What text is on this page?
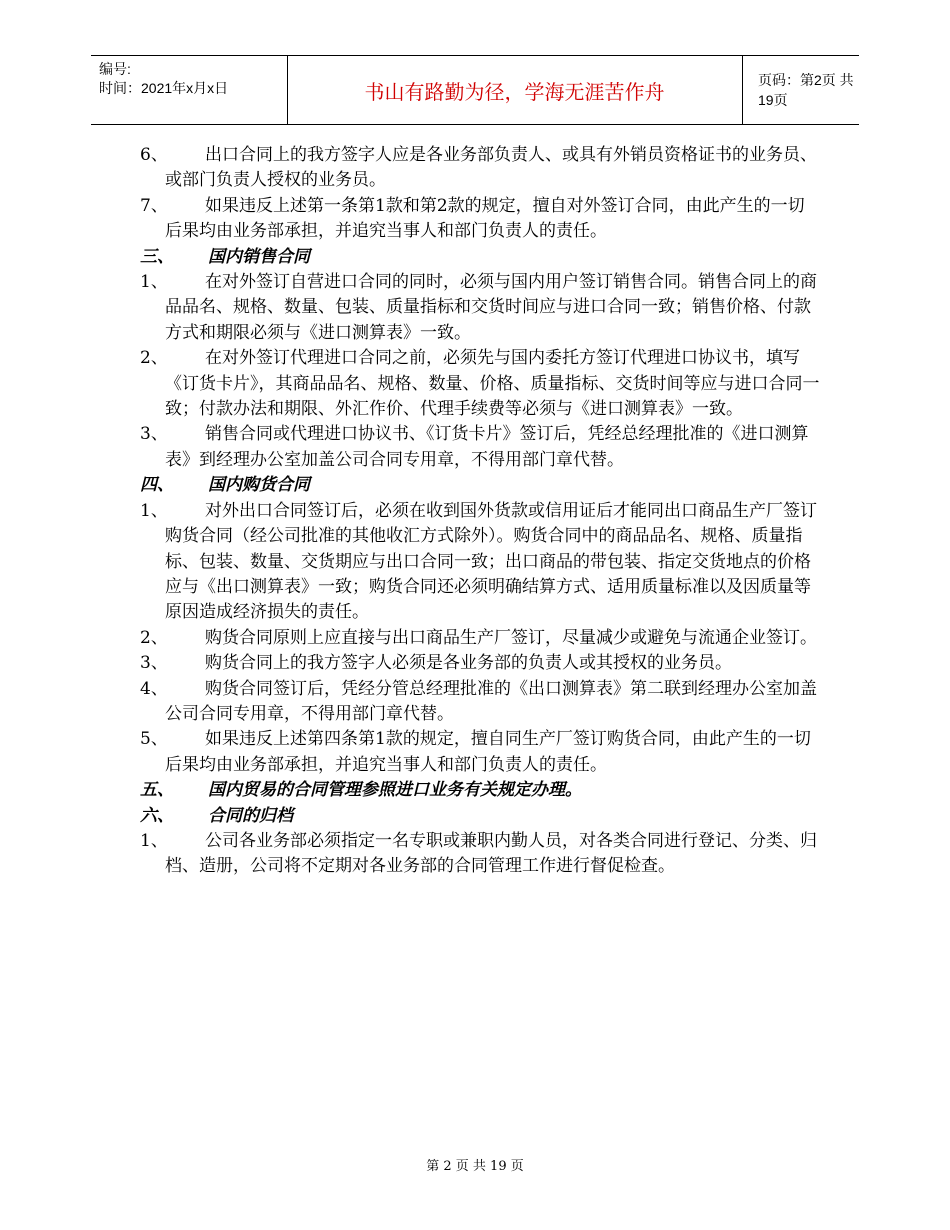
编号:
时间：2021年x月x日	书山有路勤为径，学海无涯苦作舟	页码：第2页 共19页
6、	出口合同上的我方签字人应是各业务部负责人、或具有外销员资格证书的业务员、或部门负责人授权的业务员。
7、	如果违反上述第一条第1款和第2款的规定，擅自对外签订合同，由此产生的一切后果均由业务部承担，并追究当事人和部门负责人的责任。
三、 国内销售合同
1、	在对外签订自营进口合同的同时，必须与国内用户签订销售合同。销售合同上的商品品名、规格、数量、包装、质量指标和交货时间应与进口合同一致；销售价格、付款方式和期限必须与《进口测算表》一致。
2、	在对外签订代理进口合同之前，必须先与国内委托方签订代理进口协议书，填写《订货卡片》，其商品品名、规格、数量、价格、质量指标、交货时间等应与进口合同一致；付款办法和期限、外汇作价、代理手续费等必须与《进口测算表》一致。
3、	销售合同或代理进口协议书、《订货卡片》签订后，凭经总经理批准的《进口测算表》到经理办公室加盖公司合同专用章，不得用部门章代替。
四、 国内购货合同
1、	对外出口合同签订后，必须在收到国外货款或信用证后才能同出口商品生产厂签订购货合同（经公司批准的其他收汇方式除外）。购货合同中的商品品名、规格、质量指标、包装、数量、交货期应与出口合同一致；出口商品的带包装、指定交货地点的价格应与《出口测算表》一致；购货合同还必须明确结算方式、适用质量标准以及因质量等原因造成经济损失的责任。
2、	购货合同原则上应直接与出口商品生产厂签订，尽量减少或避免与流通企业签订。
3、	购货合同上的我方签字人必须是各业务部的负责人或其授权的业务员。
4、	购货合同签订后，凭经分管总经理批准的《出口测算表》第二联到经理办公室加盖公司合同专用章，不得用部门章代替。
5、	如果违反上述第四条第1款的规定，擅自同生产厂签订购货合同，由此产生的一切后果均由业务部承担，并追究当事人和部门负责人的责任。
五、 国内贸易的合同管理参照进口业务有关规定办理。
六、 合同的归档
1、	公司各业务部必须指定一名专职或兼职内勤人员，对各类合同进行登记、分类、归档、造册，公司将不定期对各业务部的合同管理工作进行督促检查。
第 2 页 共 19 页
